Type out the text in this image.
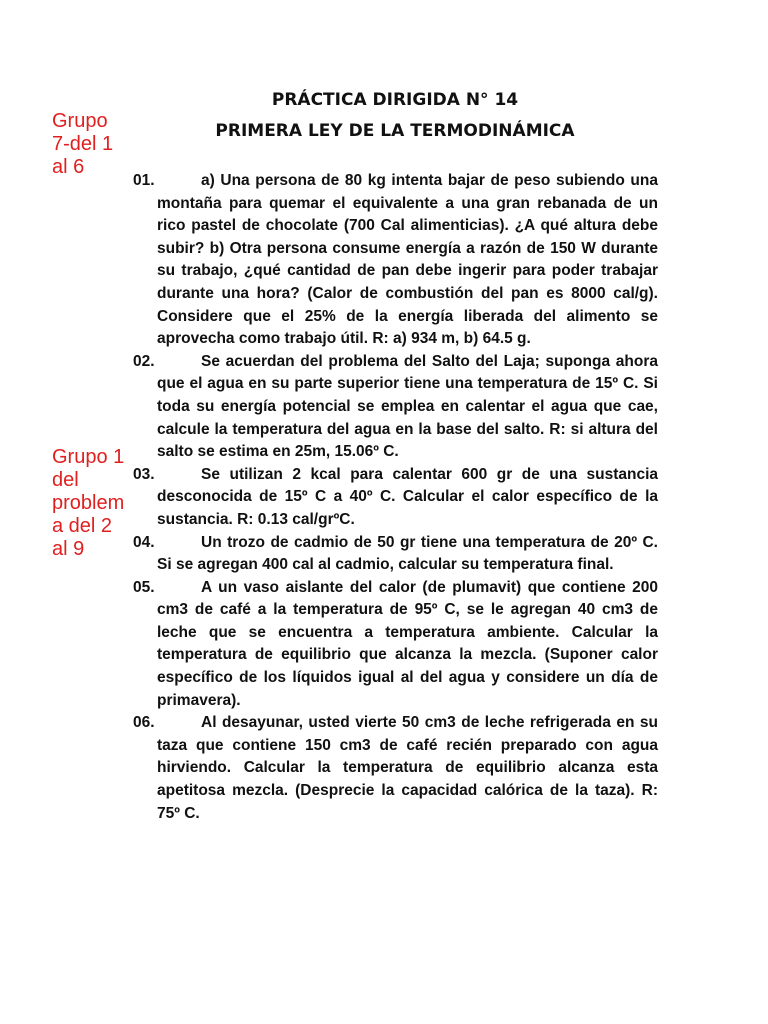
PRÁCTICA DIRIGIDA N° 14
PRIMERA LEY DE LA TERMODINÁMICA
Grupo
7-del 1
al 6
Grupo 1
del
problem
a del 2
al 9
01.	a) Una persona de 80 kg intenta bajar de peso subiendo una montaña para quemar el equivalente a una gran rebanada de un rico pastel de chocolate (700 Cal alimenticias). ¿A qué altura debe subir? b) Otra persona consume energía a razón de 150 W durante su trabajo, ¿qué cantidad de pan debe ingerir para poder trabajar durante una hora? (Calor de combustión del pan es 8000 cal/g). Considere que el 25% de la energía liberada del alimento se aprovecha como trabajo útil. R: a) 934 m, b) 64.5 g.
02.	Se acuerdan del problema del Salto del Laja; suponga ahora que el agua en su parte superior tiene una temperatura de 15º C. Si toda su energía potencial se emplea en calentar el agua que cae, calcule la temperatura del agua en la base del salto. R: si altura del salto se estima en 25m, 15.06º C.
03.	Se utilizan 2 kcal para calentar 600 gr de una sustancia desconocida de 15º C a 40º C. Calcular el calor específico de la sustancia. R: 0.13 cal/grºC.
04.	Un trozo de cadmio de 50 gr tiene una temperatura de 20º C. Si se agregan 400 cal al cadmio, calcular su temperatura final.
05.	A un vaso aislante del calor (de plumavit) que contiene 200 cm3 de café a la temperatura de 95º C, se le agregan 40 cm3 de leche que se encuentra a temperatura ambiente. Calcular la temperatura de equilibrio que alcanza la mezcla. (Suponer calor específico de los líquidos igual al del agua y considere un día de primavera).
06.	Al desayunar, usted vierte 50 cm3 de leche refrigerada en su taza que contiene 150 cm3 de café recién preparado con agua hirviendo. Calcular la temperatura de equilibrio alcanza esta apetitosa mezcla. (Desprecie la capacidad calórica de la taza). R: 75º C.
